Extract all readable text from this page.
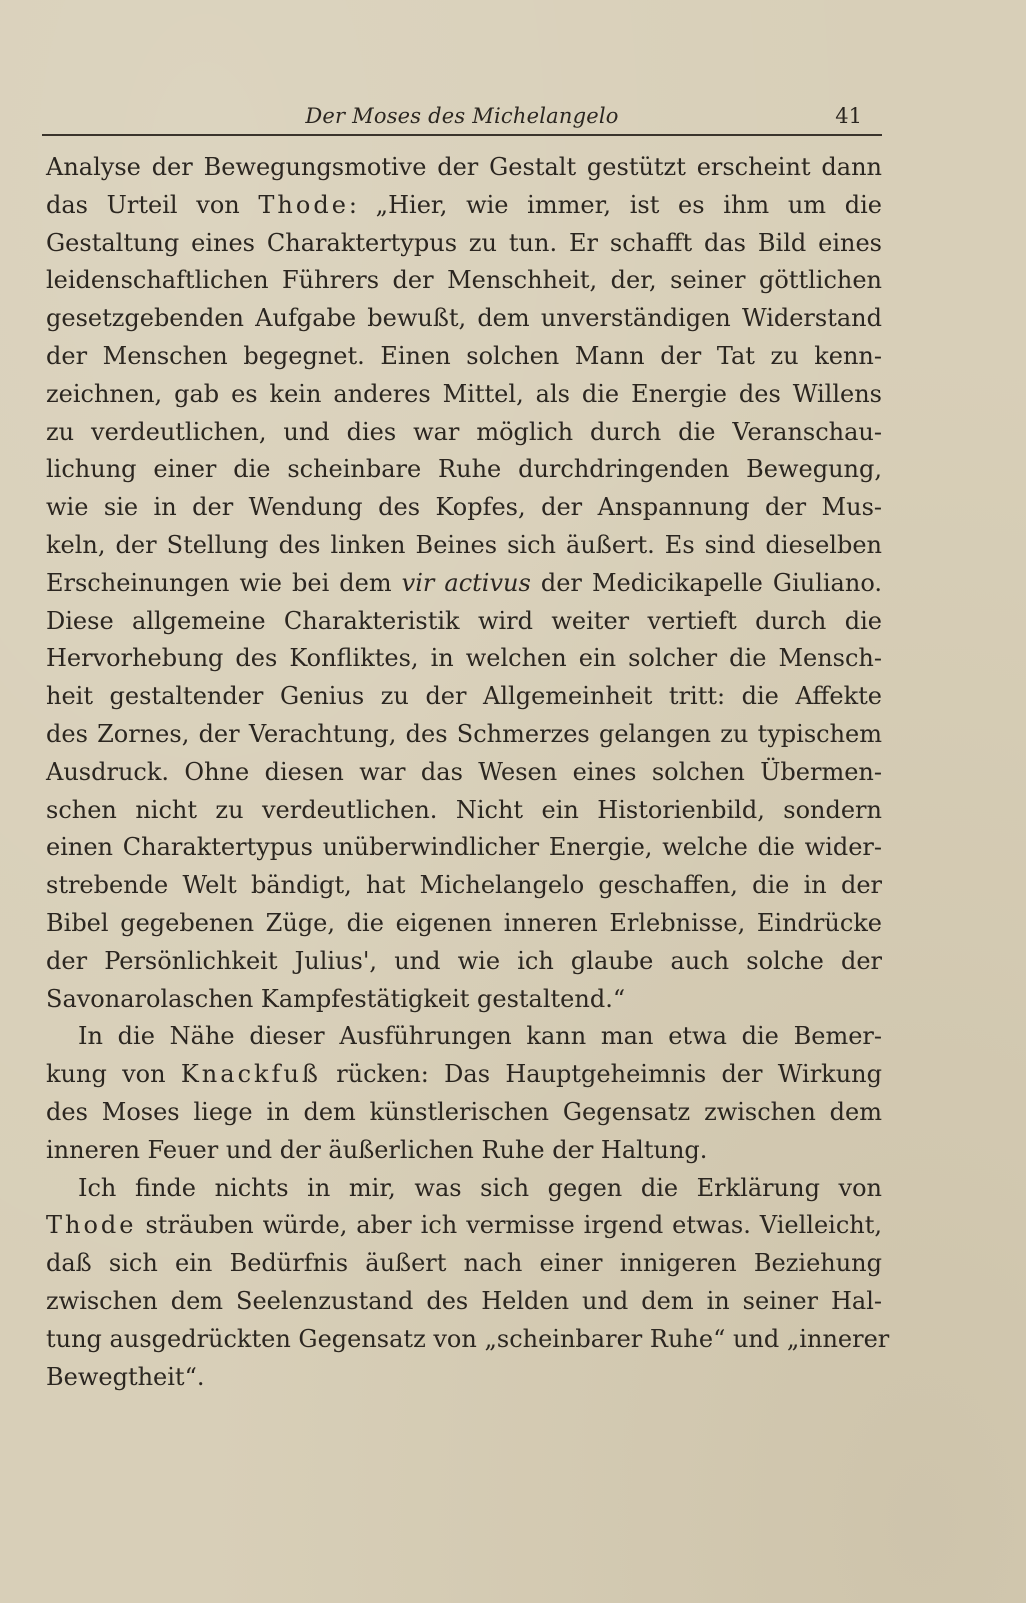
Der Moses des Michelangelo	41

Analyse der Bewegungsmotive der Gestalt gestützt erscheint dann
das Urteil von Thode: „Hier, wie immer, ist es ihm um die
Gestaltung eines Charaktertypus zu tun. Er schafft das Bild eines
leidenschaftlichen Führers der Menschheit, der, seiner göttlichen
gesetzgebenden Aufgabe bewußt, dem unverständigen Widerstand
der Menschen begegnet. Einen solchen Mann der Tat zu kenn-
zeichnen, gab es kein anderes Mittel, als die Energie des Willens
zu verdeutlichen, und dies war möglich durch die Veranschau-
lichung einer die scheinbare Ruhe durchdringenden Bewegung,
wie sie in der Wendung des Kopfes, der Anspannung der Mus-
keln, der Stellung des linken Beines sich äußert. Es sind dieselben
Erscheinungen wie bei dem vir activus der Medicikapelle Giuliano.
Diese allgemeine Charakteristik wird weiter vertieft durch die
Hervorhebung des Konfliktes, in welchen ein solcher die Mensch-
heit gestaltender Genius zu der Allgemeinheit tritt: die Affekte
des Zornes, der Verachtung, des Schmerzes gelangen zu typischem
Ausdruck. Ohne diesen war das Wesen eines solchen Übermen-
schen nicht zu verdeutlichen. Nicht ein Historienbild, sondern
einen Charaktertypus unüberwindlicher Energie, welche die wider-
strebende Welt bändigt, hat Michelangelo geschaffen, die in der
Bibel gegebenen Züge, die eigenen inneren Erlebnisse, Eindrücke
der Persönlichkeit Julius', und wie ich glaube auch solche der
Savonarolaschen Kampfestätigkeit gestaltend.“

In die Nähe dieser Ausführungen kann man etwa die Bemer-
kung von Knackfuß rücken: Das Hauptgeheimnis der Wirkung
des Moses liege in dem künstlerischen Gegensatz zwischen dem
inneren Feuer und der äußerlichen Ruhe der Haltung.

Ich finde nichts in mir, was sich gegen die Erklärung von
Thode sträuben würde, aber ich vermisse irgend etwas. Vielleicht,
daß sich ein Bedürfnis äußert nach einer innigeren Beziehung
zwischen dem Seelenzustand des Helden und dem in seiner Hal-
tung ausgedrückten Gegensatz von „scheinbarer Ruhe“ und „innerer
Bewegtheit“.
